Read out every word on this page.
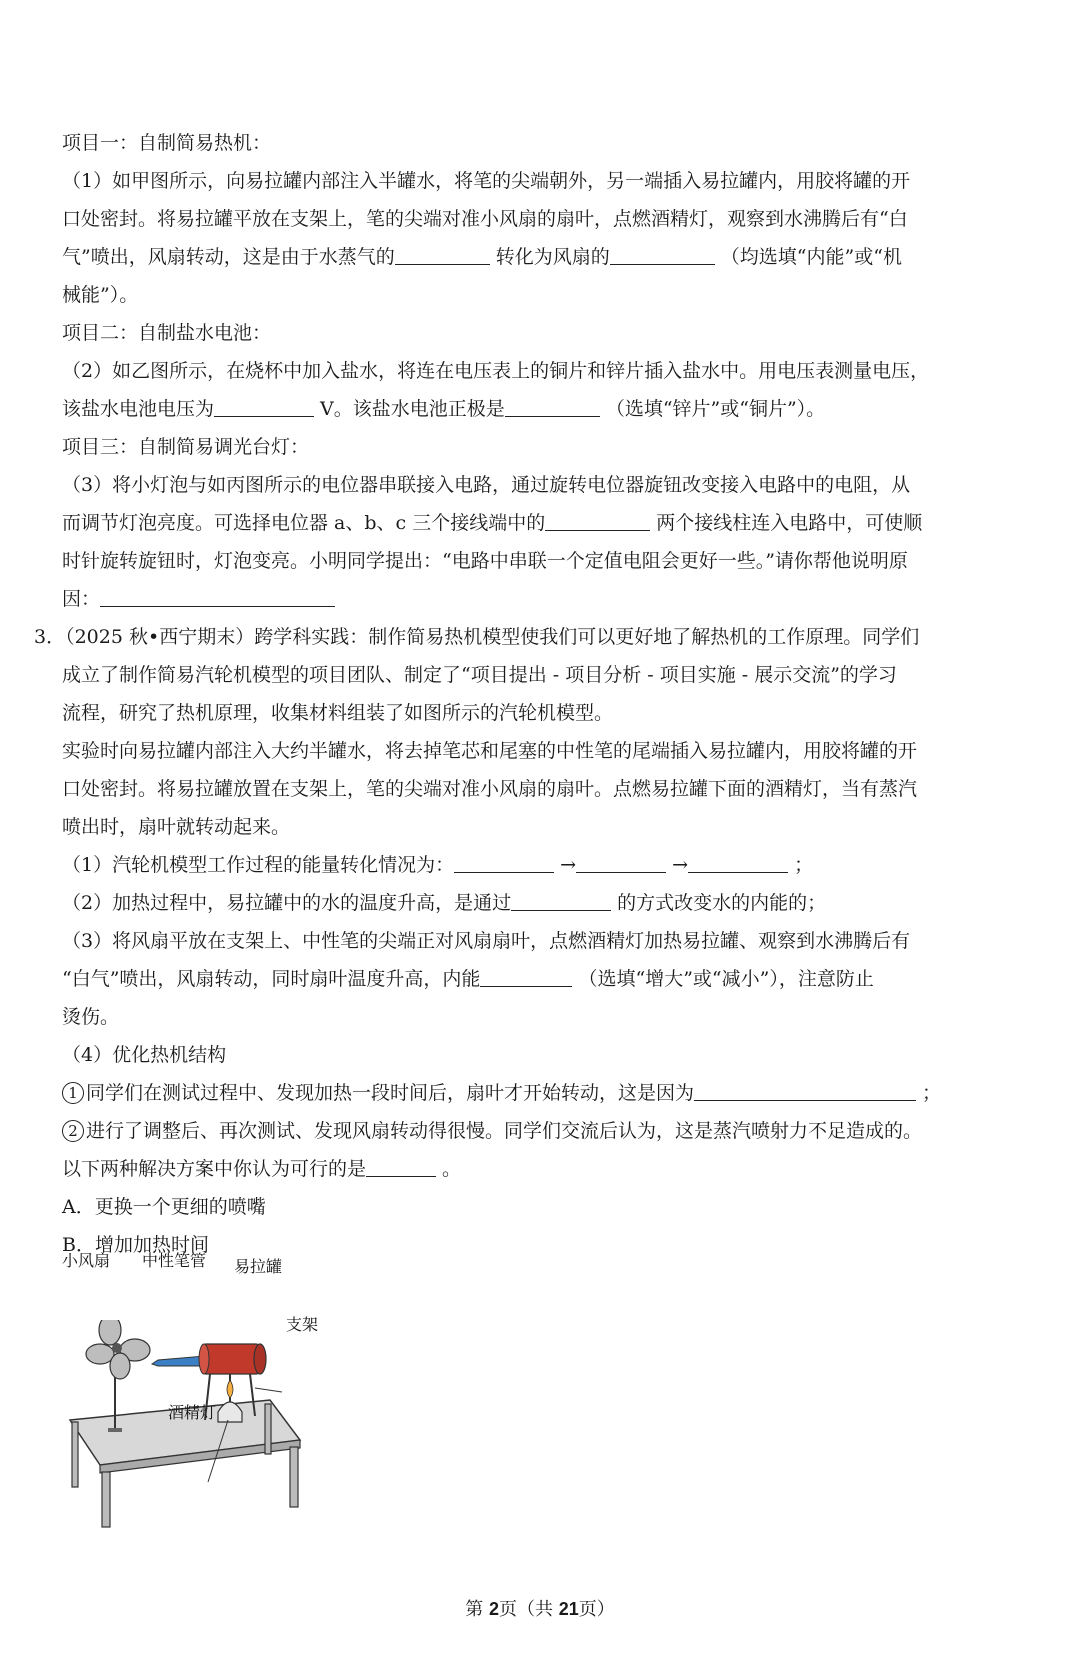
项目一：自制简易热机：
（1）如甲图所示，向易拉罐内部注入半罐水，将笔的尖端朝外，另一端插入易拉罐内，用胶将罐的开
口处密封。将易拉罐平放在支架上，笔的尖端对准小风扇的扇叶，点燃酒精灯，观察到水沸腾后有“白
气”喷出，风扇转动，这是由于水蒸气的	转化为风扇的	（均选填“内能”或“机
械能”）。
项目二：自制盐水电池：
（2）如乙图所示，在烧杯中加入盐水，将连在电压表上的铜片和锌片插入盐水中。用电压表测量电压，
该盐水电池电压为	V。该盐水电池正极是	（选填“锌片”或“铜片”）。
项目三：自制简易调光台灯：
（3）将小灯泡与如丙图所示的电位器串联接入电路，通过旋转电位器旋钮改变接入电路中的电阻，从
而调节灯泡亮度。可选择电位器 a、b、c 三个接线端中的	两个接线柱连入电路中，可使顺
时针旋转旋钮时，灯泡变亮。小明同学提出：“电路中串联一个定值电阻会更好一些。”请你帮他说明原
因：
3．（2025 秋•西宁期末）跨学科实践：制作简易热机模型使我们可以更好地了解热机的工作原理。同学们
成立了制作简易汽轮机模型的项目团队、制定了“项目提出 - 项目分析 - 项目实施 - 展示交流”的学习
流程，研究了热机原理，收集材料组装了如图所示的汽轮机模型。
实验时向易拉罐内部注入大约半罐水，将去掉笔芯和尾塞的中性笔的尾端插入易拉罐内，用胶将罐的开
口处密封。将易拉罐放置在支架上，笔的尖端对准小风扇的扇叶。点燃易拉罐下面的酒精灯，当有蒸汽
喷出时，扇叶就转动起来。
（1）汽轮机模型工作过程的能量转化情况为：	→	→	；
（2）加热过程中，易拉罐中的水的温度升高，是通过	的方式改变水的内能的；
（3）将风扇平放在支架上、中性笔的尖端正对风扇扇叶，点燃酒精灯加热易拉罐、观察到水沸腾后有
“白气”喷出，风扇转动，同时扇叶温度升高，内能	（选填“增大”或“减小”），注意防止
烫伤。
（4）优化热机结构
1 同学们在测试过程中、发现加热一段时间后，扇叶才开始转动，这是因为	；
2 进行了调整后、再次测试、发现风扇转动得很慢。同学们交流后认为，这是蒸汽喷射力不足造成的。
以下两种解决方案中你认为可行的是	。
A．更换一个更细的喷嘴
B．增加加热时间
小风扇 中性笔管 易拉罐
支架
酒精灯
第 2页（共 21页）
